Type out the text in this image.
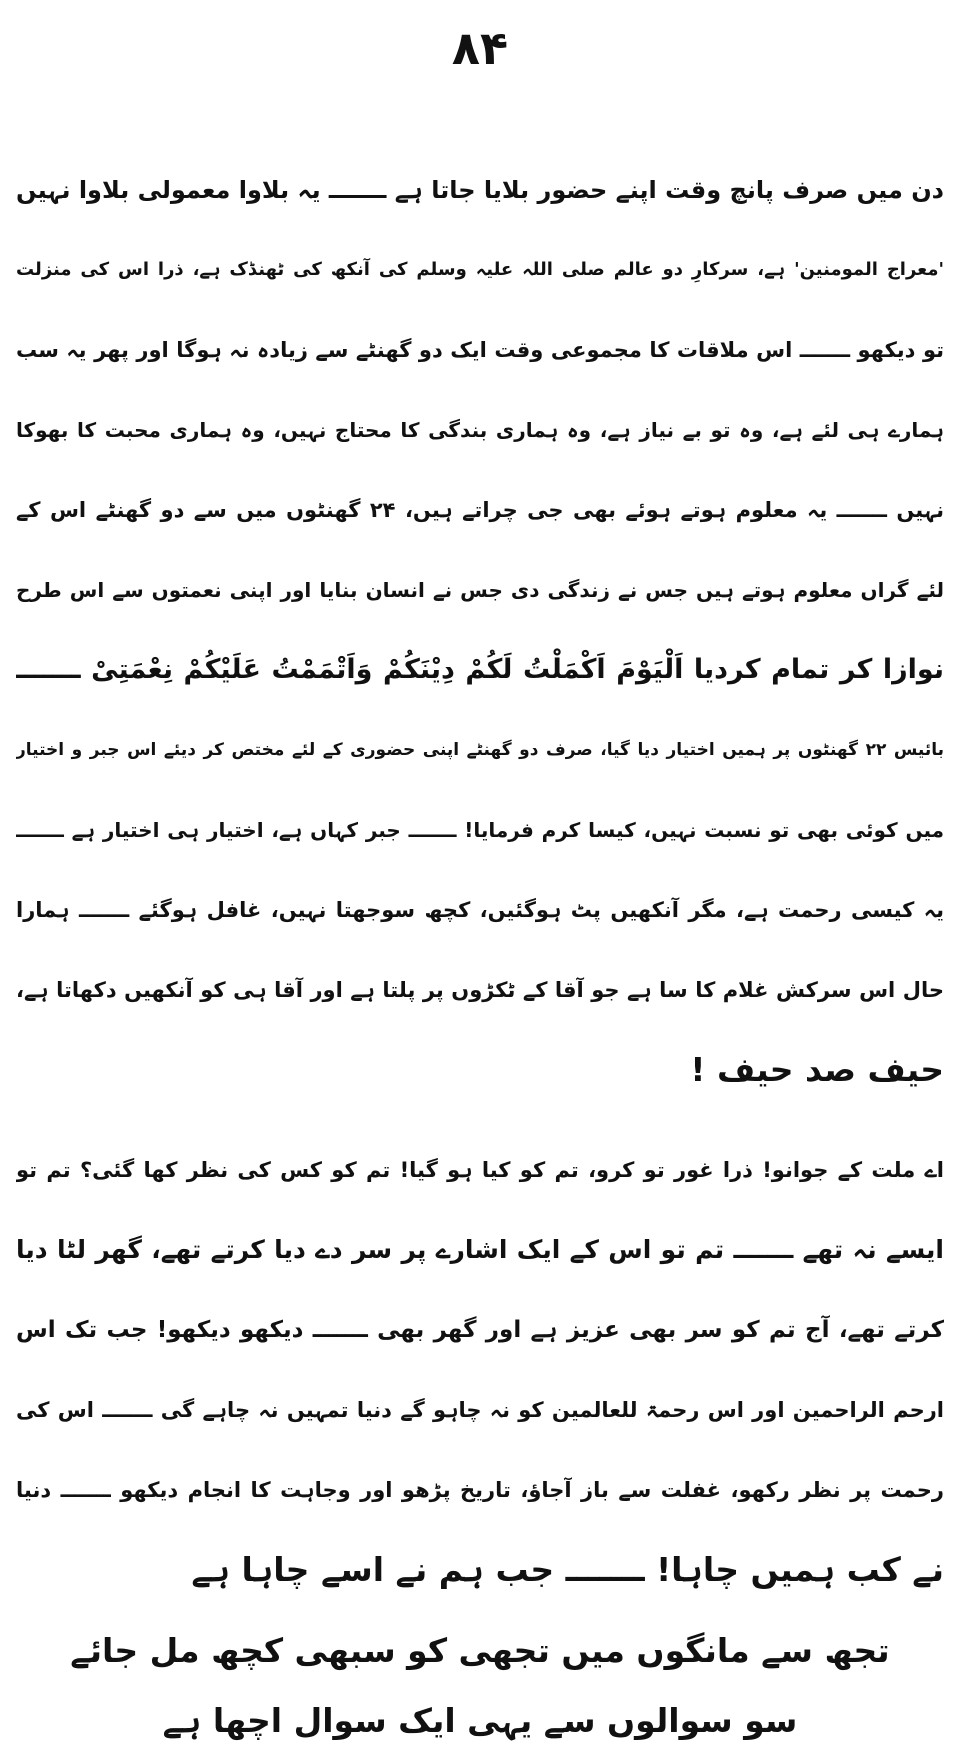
۸۴
دن میں صرف پانچ وقت اپنے حضور بلایا جاتا ہے ـــــــ یہ بلاوا معمولی بلاوا نہیں
'معراج المومنین' ہے، سرکارِ دو عالم صلی اللہ علیہ وسلم کی آنکھ کی ٹھنڈک ہے، ذرا اس کی منزلت
تو دیکھو ـــــــ اس ملاقات کا مجموعی وقت ایک دو گھنٹے سے زیادہ نہ ہوگا اور پھر یہ سب
ہمارے ہی لئے ہے، وہ تو بے نیاز ہے، وہ ہماری بندگی کا محتاج نہیں، وہ ہماری محبت کا بھوکا
نہیں ـــــــ یہ معلوم ہوتے ہوئے بھی جی چراتے ہیں، ۲۴ گھنٹوں میں سے دو گھنٹے اس کے
لئے گراں معلوم ہوتے ہیں جس نے زندگی دی جس نے انسان بنایا اور اپنی نعمتوں سے اس طرح
نوازا کر تمام کردیا اَلْیَوْمَ اَکْمَلْتُ لَکُمْ دِیْنَکُمْ وَاَتْمَمْتُ عَلَیْکُمْ نِعْمَتِیْ ـــــــ
بائیس ۲۲ گھنٹوں پر ہمیں اختیار دیا گیا، صرف دو گھنٹے اپنی حضوری کے لئے مختص کر دیئے اس جبر و اختیار
میں کوئی بھی تو نسبت نہیں، کیسا کرم فرمایا! ـــــــ جبر کہاں ہے، اختیار ہی اختیار ہے ـــــــ
یہ کیسی رحمت ہے، مگر آنکھیں پٹ ہوگئیں، کچھ سوجھتا نہیں، غافل ہوگئے ـــــــ ہمارا
حال اس سرکش غلام کا سا ہے جو آقا کے ٹکڑوں پر پلتا ہے اور آقا ہی کو آنکھیں دکھاتا ہے،
حیف صد حیف !
اے ملت کے جوانو! ذرا غور تو کرو، تم کو کیا ہو گیا! تم کو کس کی نظر کھا گئی؟ تم تو
ایسے نہ تھے ـــــــ تم تو اس کے ایک اشارے پر سر دے دیا کرتے تھے، گھر لٹا دیا
کرتے تھے، آج تم کو سر بھی عزیز ہے اور گھر بھی ـــــــ دیکھو دیکھو! جب تک اس
ارحم الراحمین اور اس رحمۃ للعالمین کو نہ چاہو گے دنیا تمہیں نہ چاہے گی ـــــــ اس کی
رحمت پر نظر رکھو، غفلت سے باز آجاؤ، تاریخ پڑھو اور وجاہت کا انجام دیکھو ـــــــ دنیا
نے کب ہمیں چاہا! ـــــــ جب ہم نے اسے چاہا ہے
تجھ سے مانگوں میں تجھی کو سبھی کچھ مل جائے
سو سوالوں سے یہی ایک سوال اچھا ہے
